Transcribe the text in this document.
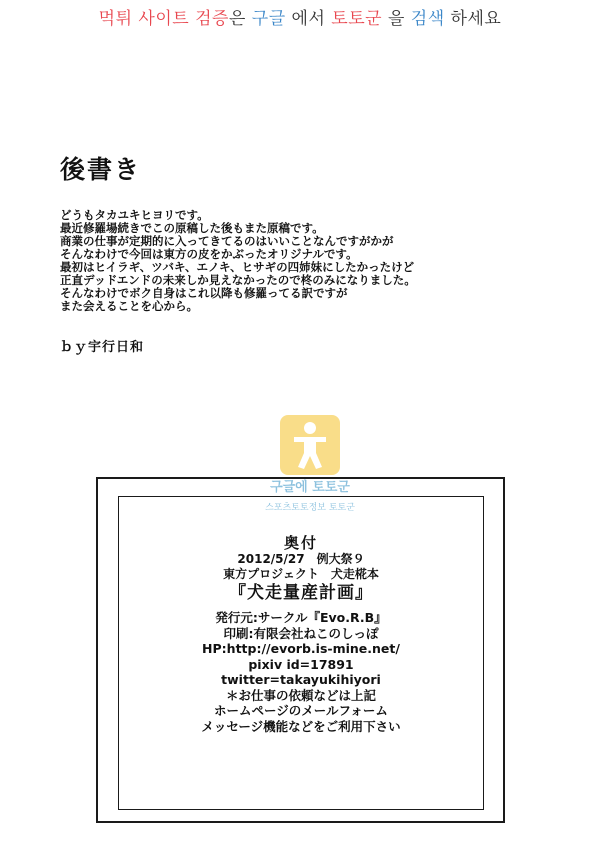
먹튀 사이트 검증은 구글 에서 토토군 을 검색 하세요
後書き
どうもタカユキヒヨリです。
最近修羅場続きでこの原稿した後もまた原稿です。
商業の仕事が定期的に入ってきてるのはいいことなんですがかが
そんなわけで今回は東方の皮をかぶったオリジナルです。
最初はヒイラギ、ツバキ、エノキ、ヒサギの四姉妹にしたかったけど
正直デッドエンドの未来しか見えなかったので柊のみになりました。
そんなわけでボク自身はこれ以降も修羅ってる訳ですが
また会えることを心から。
ｂｙ宇行日和
구글에 토토군
스포츠토토정보 토토군
奥付
2012/5/27　例大祭９
東方プロジェクト　犬走椛本
『犬走量産計画』
発行元:サークル『Evo.R.B』
印刷:有限会社ねこのしっぽ
HP:http://evorb.is-mine.net/
pixiv id=17891
twitter=takayukihiyori
＊お仕事の依頼などは上記
ホームページのメールフォーム
メッセージ機能などをご利用下さい
